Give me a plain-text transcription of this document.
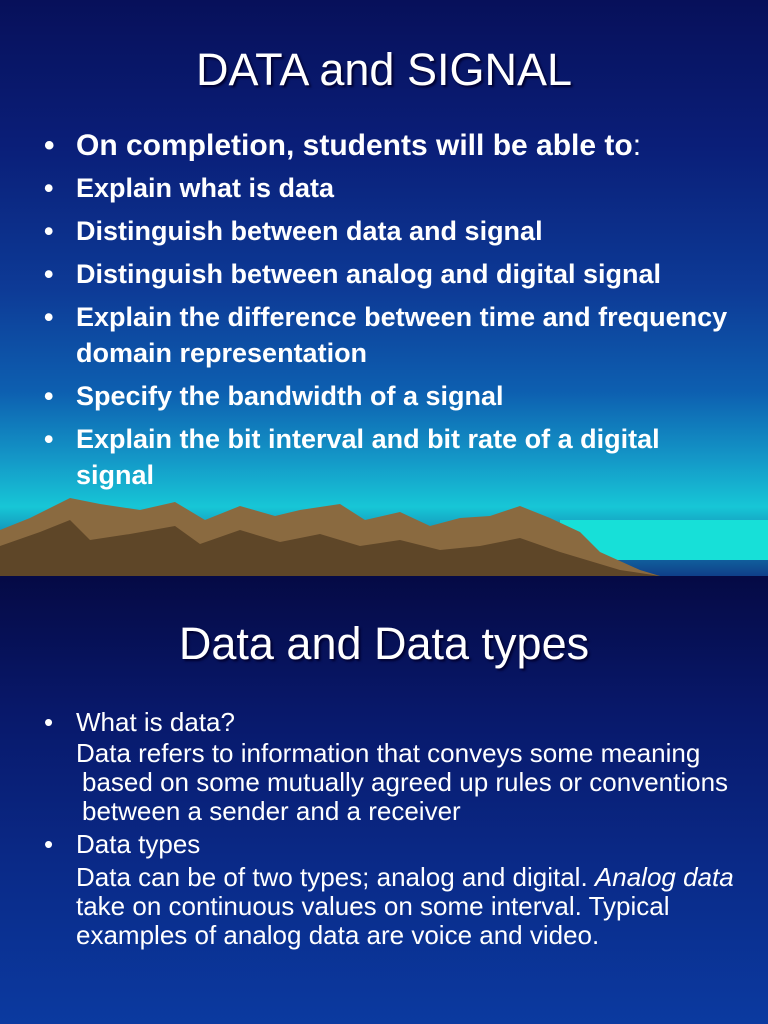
DATA and SIGNAL
• On completion, students will be able to:
• Explain what is data
• Distinguish between data and signal
• Distinguish between analog and digital signal
• Explain the difference between time and frequency domain representation
• Specify the bandwidth of a signal
• Explain the bit interval and bit rate of a digital signal
Data and Data types
• What is data?
Data refers to information that conveys some meaning based on some mutually agreed up rules or conventions between a sender and a receiver
• Data types
Data can be of two types; analog and digital. Analog data take on continuous values on some interval. Typical examples of analog data are voice and video.
